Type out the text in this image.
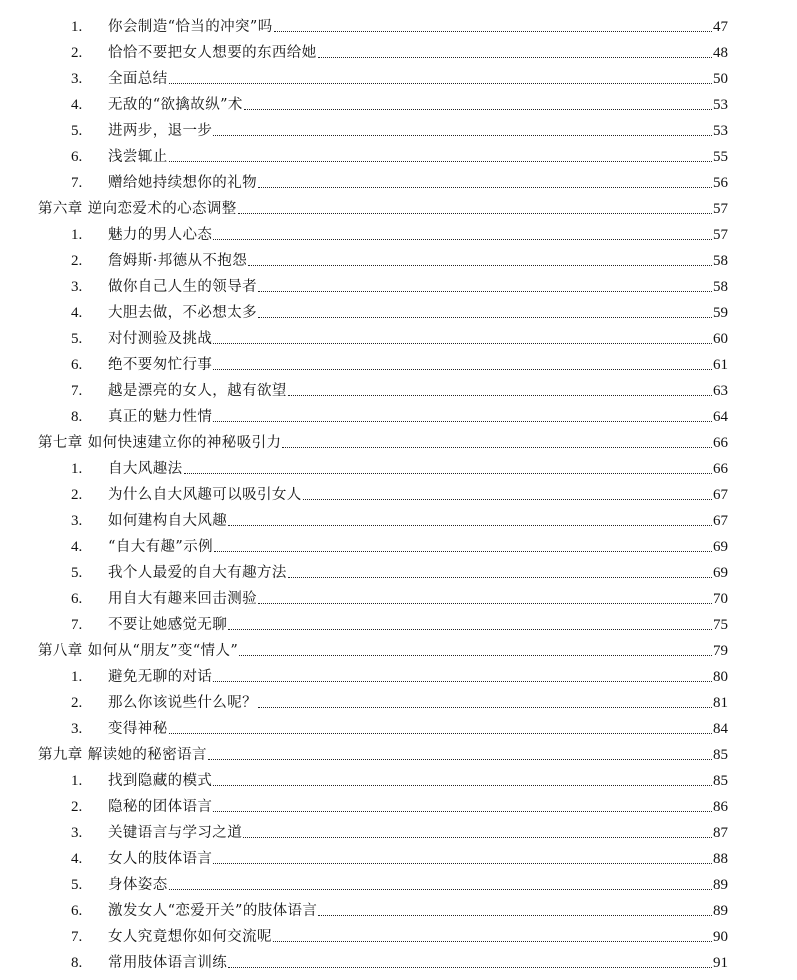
1. 你会制造“恰当的冲突”吗	47
2. 恰恰不要把女人想要的东西给她	48
3. 全面总结	50
4. 无敌的“欲擒故纵”术	53
5. 进两步，退一步	53
6. 浅尝辄止	55
7. 赠给她持续想你的礼物	56
第六章 逆向恋爱术的心态调整	57
1. 魅力的男人心态	57
2. 詹姆斯·邦德从不抱怨	58
3. 做你自己人生的领导者	58
4. 大胆去做，不必想太多	59
5. 对付测验及挑战	60
6. 绝不要匆忙行事	61
7. 越是漂亮的女人，越有欲望	63
8. 真正的魅力性情	64
第七章 如何快速建立你的神秘吸引力	66
1. 自大风趣法	66
2. 为什么自大风趣可以吸引女人	67
3. 如何建构自大风趣	67
4. “自大有趣”示例	69
5. 我个人最爱的自大有趣方法	69
6. 用自大有趣来回击测验	70
7. 不要让她感觉无聊	75
第八章 如何从“朋友”变“情人”	79
1. 避免无聊的对话	80
2. 那么你该说些什么呢？	81
3. 变得神秘	84
第九章 解读她的秘密语言	85
1. 找到隐藏的模式	85
2. 隐秘的团体语言	86
3. 关键语言与学习之道	87
4. 女人的肢体语言	88
5. 身体姿态	89
6. 激发女人“恋爱开关”的肢体语言	89
7. 女人究竟想你如何交流呢	90
8. 常用肢体语言训练	91
